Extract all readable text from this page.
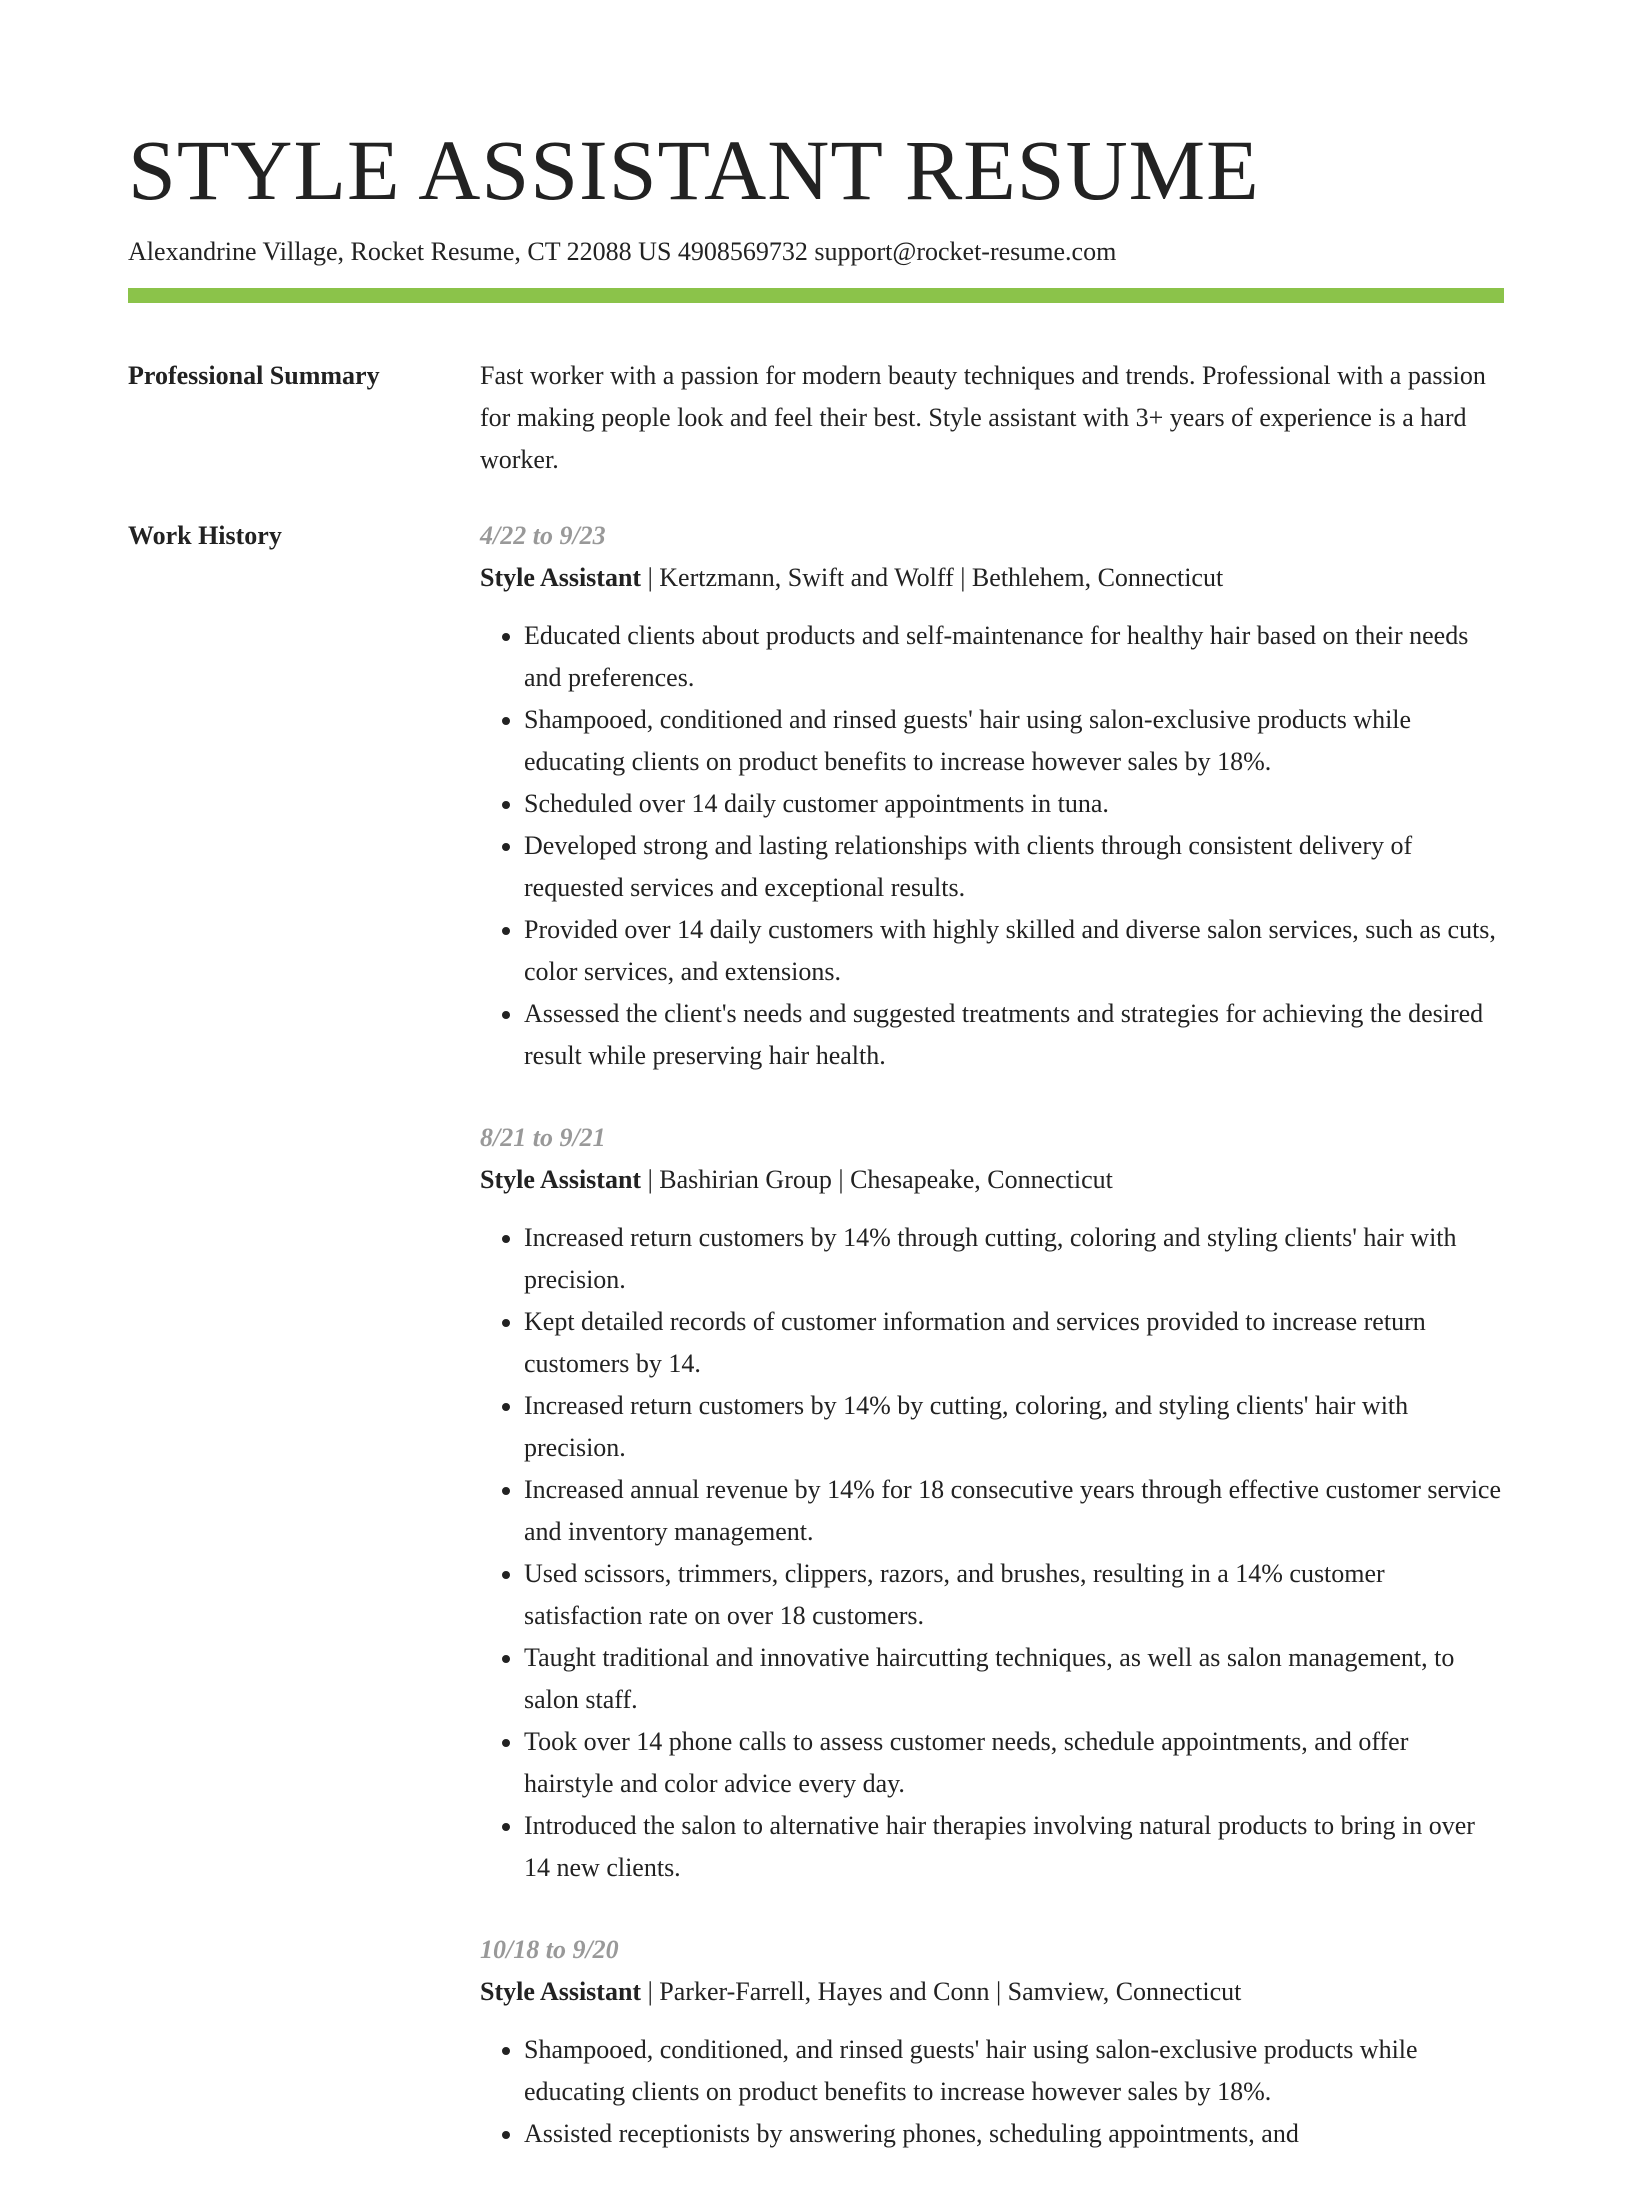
STYLE ASSISTANT RESUME
Alexandrine Village, Rocket Resume, CT 22088 US 4908569732 support@rocket-resume.com
Professional Summary	Fast worker with a passion for modern beauty techniques and trends. Professional with a passion for making people look and feel their best. Style assistant with 3+ years of experience is a hard worker.

Work History	4/22 to 9/23
Style Assistant | Kertzmann, Swift and Wolff | Bethlehem, Connecticut
• Educated clients about products and self-maintenance for healthy hair based on their needs and preferences.
• Shampooed, conditioned and rinsed guests' hair using salon-exclusive products while educating clients on product benefits to increase however sales by 18%.
• Scheduled over 14 daily customer appointments in tuna.
• Developed strong and lasting relationships with clients through consistent delivery of requested services and exceptional results.
• Provided over 14 daily customers with highly skilled and diverse salon services, such as cuts, color services, and extensions.
• Assessed the client's needs and suggested treatments and strategies for achieving the desired result while preserving hair health.
8/21 to 9/21
Style Assistant | Bashirian Group | Chesapeake, Connecticut
• Increased return customers by 14% through cutting, coloring and styling clients' hair with precision.
• Kept detailed records of customer information and services provided to increase return customers by 14.
• Increased return customers by 14% by cutting, coloring, and styling clients' hair with precision.
• Increased annual revenue by 14% for 18 consecutive years through effective customer service and inventory management.
• Used scissors, trimmers, clippers, razors, and brushes, resulting in a 14% customer satisfaction rate on over 18 customers.
• Taught traditional and innovative haircutting techniques, as well as salon management, to salon staff.
• Took over 14 phone calls to assess customer needs, schedule appointments, and offer hairstyle and color advice every day.
• Introduced the salon to alternative hair therapies involving natural products to bring in over 14 new clients.
10/18 to 9/20
Style Assistant | Parker-Farrell, Hayes and Conn | Samview, Connecticut
• Shampooed, conditioned, and rinsed guests' hair using salon-exclusive products while educating clients on product benefits to increase however sales by 18%.
• Assisted receptionists by answering phones, scheduling appointments, and
